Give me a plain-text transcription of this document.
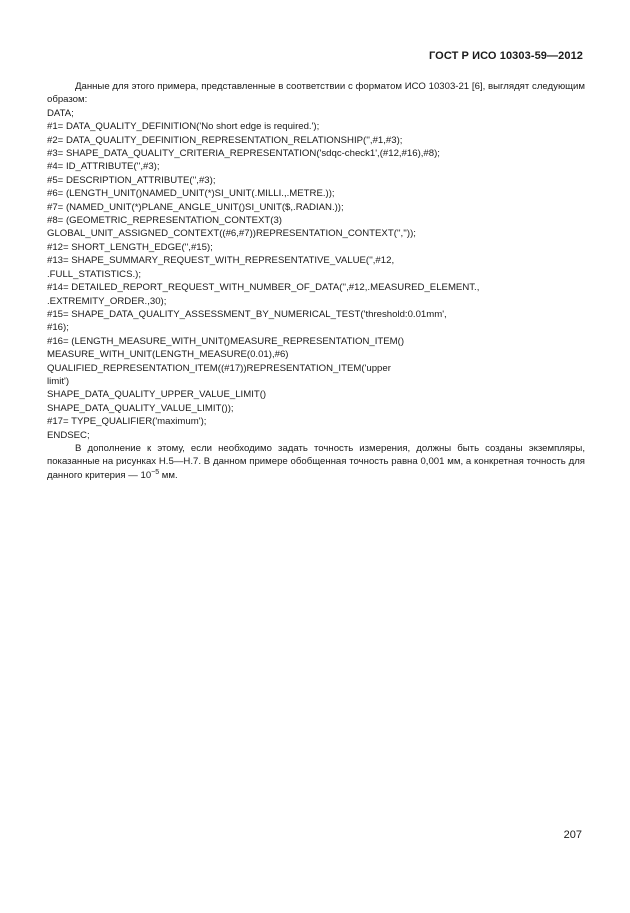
ГОСТ Р ИСО 10303-59—2012

Данные для этого примера, представленные в соответствии с форматом ИСО 10303-21 [6], выглядят следующим образом:

DATA;
#1= DATA_QUALITY_DEFINITION('No short edge is required.');
#2= DATA_QUALITY_DEFINITION_REPRESENTATION_RELATIONSHIP('',#1,#3);
#3= SHAPE_DATA_QUALITY_CRITERIA_REPRESENTATION('sdqc-check1',(#12,#16),#8);
#4= ID_ATTRIBUTE('',#3);
#5= DESCRIPTION_ATTRIBUTE('',#3);
#6= (LENGTH_UNIT()NAMED_UNIT(*)SI_UNIT(.MILLI.,.METRE.));
#7= (NAMED_UNIT(*)PLANE_ANGLE_UNIT()SI_UNIT($,.RADIAN.));
#8= (GEOMETRIC_REPRESENTATION_CONTEXT(3)
GLOBAL_UNIT_ASSIGNED_CONTEXT((#6,#7))REPRESENTATION_CONTEXT('',''));
#12= SHORT_LENGTH_EDGE('',#15);
#13= SHAPE_SUMMARY_REQUEST_WITH_REPRESENTATIVE_VALUE('',#12,
.FULL_STATISTICS.);
#14= DETAILED_REPORT_REQUEST_WITH_NUMBER_OF_DATA('',#12,.MEASURED_ELEMENT.,
.EXTREMITY_ORDER.,30);
#15= SHAPE_DATA_QUALITY_ASSESSMENT_BY_NUMERICAL_TEST('threshold:0.01mm',
#16);
#16= (LENGTH_MEASURE_WITH_UNIT()MEASURE_REPRESENTATION_ITEM()
MEASURE_WITH_UNIT(LENGTH_MEASURE(0.01),#6)
QUALIFIED_REPRESENTATION_ITEM((#17))REPRESENTATION_ITEM('upper
limit')
SHAPE_DATA_QUALITY_UPPER_VALUE_LIMIT()
SHAPE_DATA_QUALITY_VALUE_LIMIT());
#17= TYPE_QUALIFIER('maximum');
ENDSEC;

В дополнение к этому, если необходимо задать точность измерения, должны быть созданы экземпляры, показанные на рисунках Н.5—Н.7. В данном примере обобщенная точность равна 0,001 мм, а конкретная точность для данного критерия — $10^{-5}$ мм.

207
